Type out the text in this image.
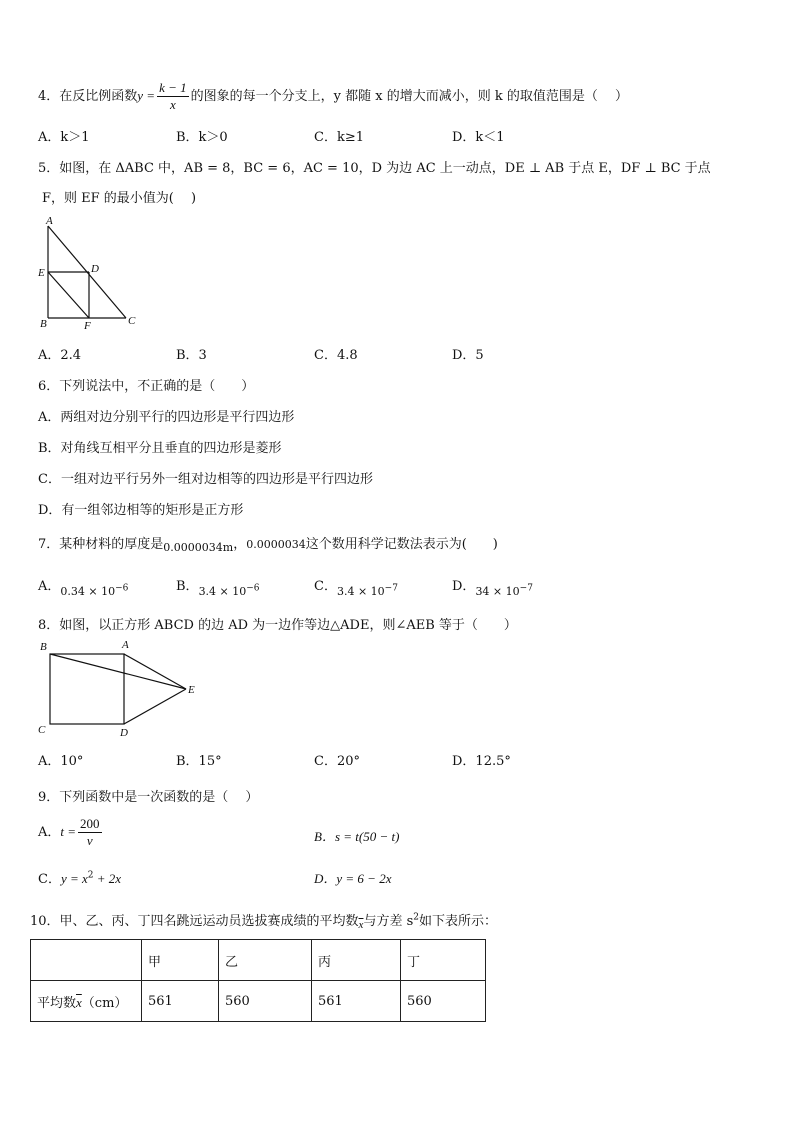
4．在反比例函数$y = \frac{k - 1}{x}$ 的图象的每一个分支上，y 都随 x 的增大而减小，则 k 的取值范围是（　 ）
A．k＞1	B．k＞0	C．k≥1	D．k＜1
5．如图，在 ΔABC 中，AB = 8，BC = 6，AC = 10，D 为边 AC 上一动点，DE ⊥ AB 于点 E，DF ⊥ BC 于点
F，则 EF 的最小值为(　 )
A
E	D
B	F	C
A．2.4	B．3	C．4.8	D．5
6．下列说法中，不正确的是（　　）
A．两组对边分别平行的四边形是平行四边形
B．对角线互相平分且垂直的四边形是菱形
C．一组对边平行另外一组对边相等的四边形是平行四边形
D．有一组邻边相等的矩形是正方形
7．某种材料的厚度是$_{0.0000034m}$，0.0000034这个数用科学记数法表示为(　　)
A．$_{0.34 \times 10^{-6}}$	B．$_{3.4 \times 10^{-6}}$	C．$_{3.4 \times 10^{-7}}$	D．$_{34 \times 10^{-7}}$
8．如图，以正方形 ABCD 的边 AD 为一边作等边△ADE，则∠AEB 等于（　　）
B	A
E
C	D
A．10°	B．15°	C．20°	D．12.5°
9．下列函数中是一次函数的是（　 ）
A．$t = \frac{200}{v}$	B．s = t(50 − t)
C．$y = x^2 + 2x$	D．y = 6 − 2x
10．甲、乙、丙、丁四名跳远运动员选拔赛成绩的平均数$_{\overline{x}}$与方差 $s^2$如下表所示：
	甲	乙	丙	丁
平均数$\overline{x}(cm)$	561	560	561	560
